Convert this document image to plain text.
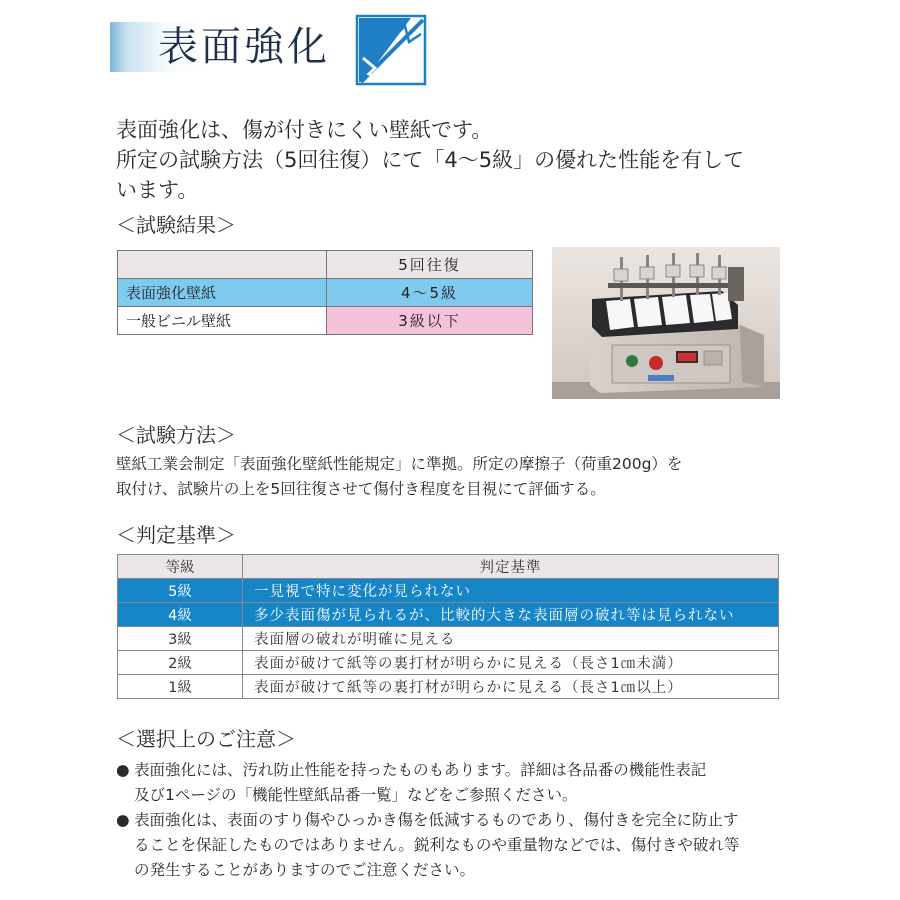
表面強化

表面強化は、傷が付きにくい壁紙です。

所定の試験方法（5回往復）にて「4～5級」の優れた性能を有して

います。

＜試験結果＞
	5回往復
表面強化壁紙	4～5級
一般ビニル壁紙	3級以下
＜試験方法＞

壁紙工業会制定「表面強化壁紙性能規定」に準拠。所定の摩擦子（荷重200g）を

取付け、試験片の上を5回往復させて傷付き程度を目視にて評価する。

＜判定基準＞
等級	判定基準
5級	一見視で特に変化が見られない
4級	多少表面傷が見られるが、比較的大きな表面層の破れ等は見られない
3級	表面層の破れが明確に見える
2級	表面が破けて紙等の裏打材が明らかに見える（長さ1㎝未満）
1級	表面が破けて紙等の裏打材が明らかに見える（長さ1㎝以上）
＜選択上のご注意＞
● 表面強化には、汚れ防止性能を持ったものもあります。詳細は各品番の機能性表記
及び1ページの「機能性壁紙品番一覧」などをご参照ください。
● 表面強化は、表面のすり傷やひっかき傷を低減するものであり、傷付きを完全に防止す
ることを保証したものではありません。鋭利なものや重量物などでは、傷付きや破れ等
の発生することがありますのでご注意ください。
